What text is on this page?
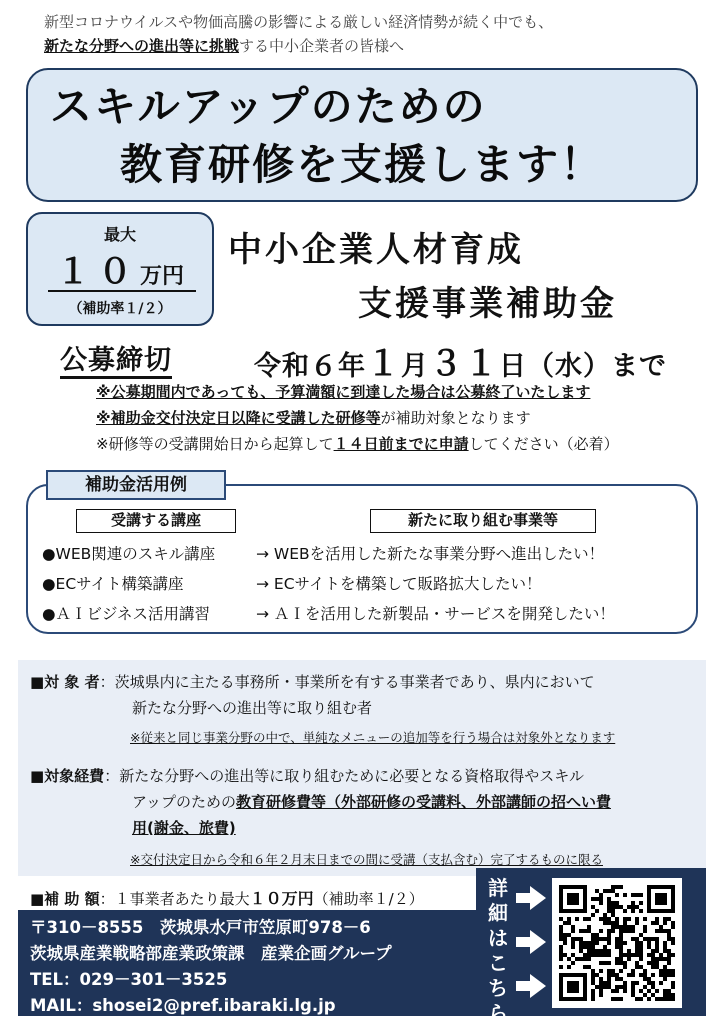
新型コロナウイルスや物価高騰の影響による厳しい経済情勢が続く中でも、
新たな分野への進出等に挑戦する中小企業者の皆様へ
スキルアップのための
教育研修を支援します！
最大
１０万円
（補助率１/２）
中小企業人材育成
支援事業補助金
公募締切	令和６年１月３１日（水）まで
※公募期間内であっても、予算満額に到達した場合は公募終了いたします
※補助金交付決定日以降に受講した研修等が補助対象となります
※研修等の受講開始日から起算して１４日前までに申請してください（必着）
補助金活用例
受講する講座	新たに取り組む事業等
●WEB関連のスキル講座	→ WEBを活用した新たな事業分野へ進出したい！
●ECサイト構築講座	→ ECサイトを構築して販路拡大したい！
●ＡＩビジネス活用講習	→ ＡＩを活用した新製品・サービスを開発したい！
■対 象 者：茨城県内に主たる事務所・事業所を有する事業者であり、県内において
新たな分野への進出等に取り組む者
※従来と同じ事業分野の中で、単純なメニューの追加等を行う場合は対象外となります
■対象経費：新たな分野への進出等に取り組むために必要となる資格取得やスキル
アップのための教育研修費等（外部研修の受講料、外部講師の招へい費
用(謝金、旅費)
※交付決定日から令和６年２月末日までの間に受講（支払含む）完了するものに限る
■補 助 額：１事業者あたり最大１０万円（補助率１/２）
〒310－8555　茨城県水戸市笠原町978－6
茨城県産業戦略部産業政策課　産業企画グループ
TEL：029－301－3525
MAIL：shosei2@pref.ibaraki.lg.jp
詳
細
は
こ
ち
ら
